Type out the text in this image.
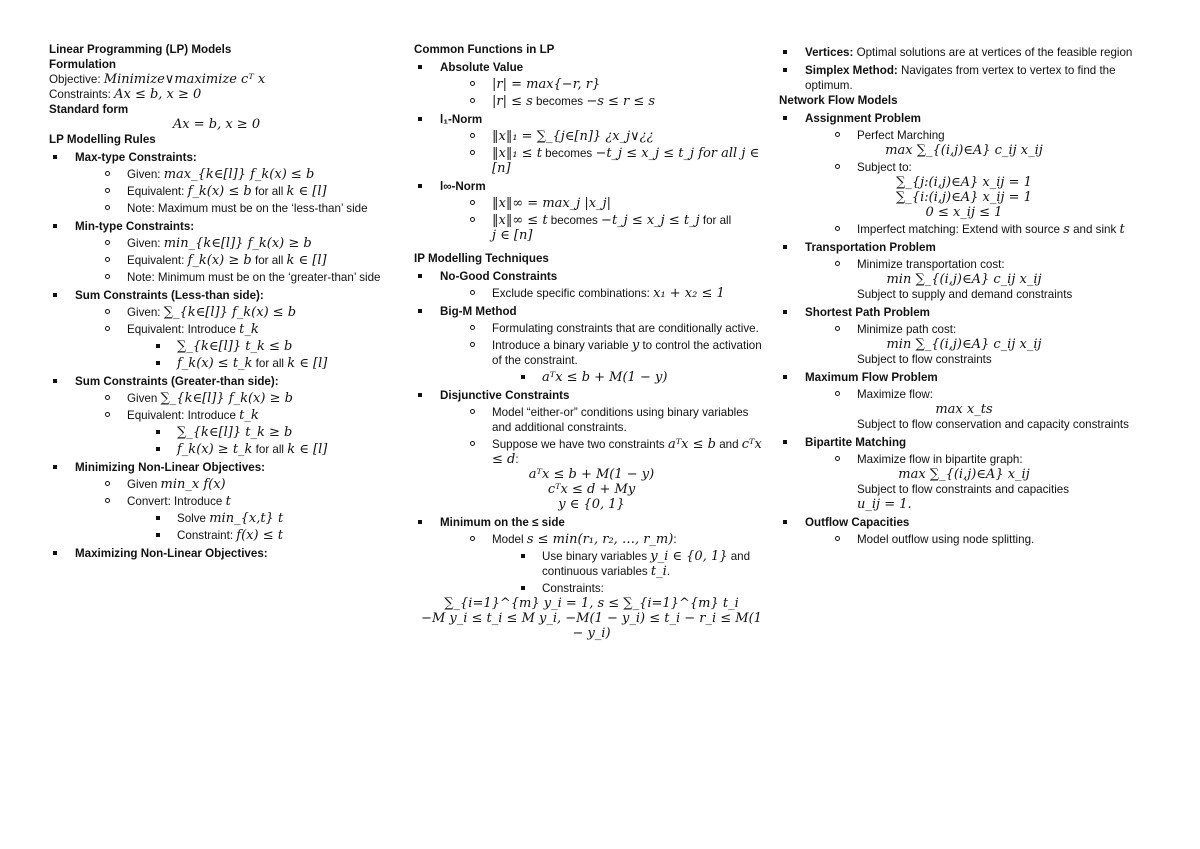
Linear Programming (LP) Models
Formulation
Objective: Minimize∨maximize cᵀ x
Constraints: Ax ≤ b, x ≥ 0
Standard form
Ax = b, x ≥ 0
LP Modelling Rules
Max-type Constraints:
Given: max_{k∈[l]} f_k(x) ≤ b
Equivalent: f_k(x) ≤ b for all k ∈ [l]
Note: Maximum must be on the ‘less-than’ side
Min-type Constraints:
Given: min_{k∈[l]} f_k(x) ≥ b
Equivalent: f_k(x) ≥ b for all k ∈ [l]
Note: Minimum must be on the ‘greater-than’ side
Sum Constraints (Less-than side):
Given: ∑_{k∈[l]} f_k(x) ≤ b
Equivalent: Introduce t_k
∑_{k∈[l]} t_k ≤ b
f_k(x) ≤ t_k for all k ∈ [l]
Sum Constraints (Greater-than side):
Given ∑_{k∈[l]} f_k(x) ≥ b
Equivalent: Introduce t_k
∑_{k∈[l]} t_k ≥ b
f_k(x) ≥ t_k for all k ∈ [l]
Minimizing Non-Linear Objectives:
Given min_x f(x)
Convert: Introduce t
Solve min_{x,t} t
Constraint: f(x) ≤ t
Maximizing Non-Linear Objectives:
Common Functions in LP
Absolute Value
|r| = max{−r, r}
|r| ≤ s becomes −s ≤ r ≤ s
l₁-Norm
‖x‖₁ = ∑_{j∈[n]} ¿x_j∨¿¿
‖x‖₁ ≤ t becomes −t_j ≤ x_j ≤ t_j for all j ∈ [n]
l∞-Norm
‖x‖∞ = max_j |x_j|
‖x‖∞ ≤ t becomes −t_j ≤ x_j ≤ t_j for all
j ∈ [n]
IP Modelling Techniques
No-Good Constraints
Exclude specific combinations: x₁ + x₂ ≤ 1
Big-M Method
Formulating constraints that are conditionally active.
Introduce a binary variable y to control the activation of the constraint.
aᵀx ≤ b + M(1 − y)
Disjunctive Constraints
Model “either-or” conditions using binary variables and additional constraints.
Suppose we have two constraints aᵀx ≤ b and cᵀx ≤ d:
aᵀx ≤ b + M(1 − y)
cᵀx ≤ d + My
y ∈ {0, 1}
Minimum on the ≤ side
Model s ≤ min(r₁, r₂, …, r_m):
Use binary variables y_i ∈ {0, 1} and continuous variables t_i.
Constraints:
∑_{i=1}^{m} y_i = 1, s ≤ ∑_{i=1}^{m} t_i
−M y_i ≤ t_i ≤ M y_i, −M(1 − y_i) ≤ t_i − r_i ≤ M(1 − y_i)
Vertices: Optimal solutions are at vertices of the feasible region
Simplex Method: Navigates from vertex to vertex to find the optimum.
Network Flow Models
Assignment Problem
Perfect Marching
max ∑_{(i,j)∈A} c_ij x_ij
Subject to:
∑_{j:(i,j)∈A} x_ij = 1
∑_{i:(i,j)∈A} x_ij = 1
0 ≤ x_ij ≤ 1
Imperfect matching: Extend with source s and sink t
Transportation Problem
Minimize transportation cost:
min ∑_{(i,j)∈A} c_ij x_ij
Subject to supply and demand constraints
Shortest Path Problem
Minimize path cost:
min ∑_{(i,j)∈A} c_ij x_ij
Subject to flow constraints
Maximum Flow Problem
Maximize flow:
max x_ts
Subject to flow conservation and capacity constraints
Bipartite Matching
Maximize flow in bipartite graph:
max ∑_{(i,j)∈A} x_ij
Subject to flow constraints and capacities
u_ij = 1.
Outflow Capacities
Model outflow using node splitting.
